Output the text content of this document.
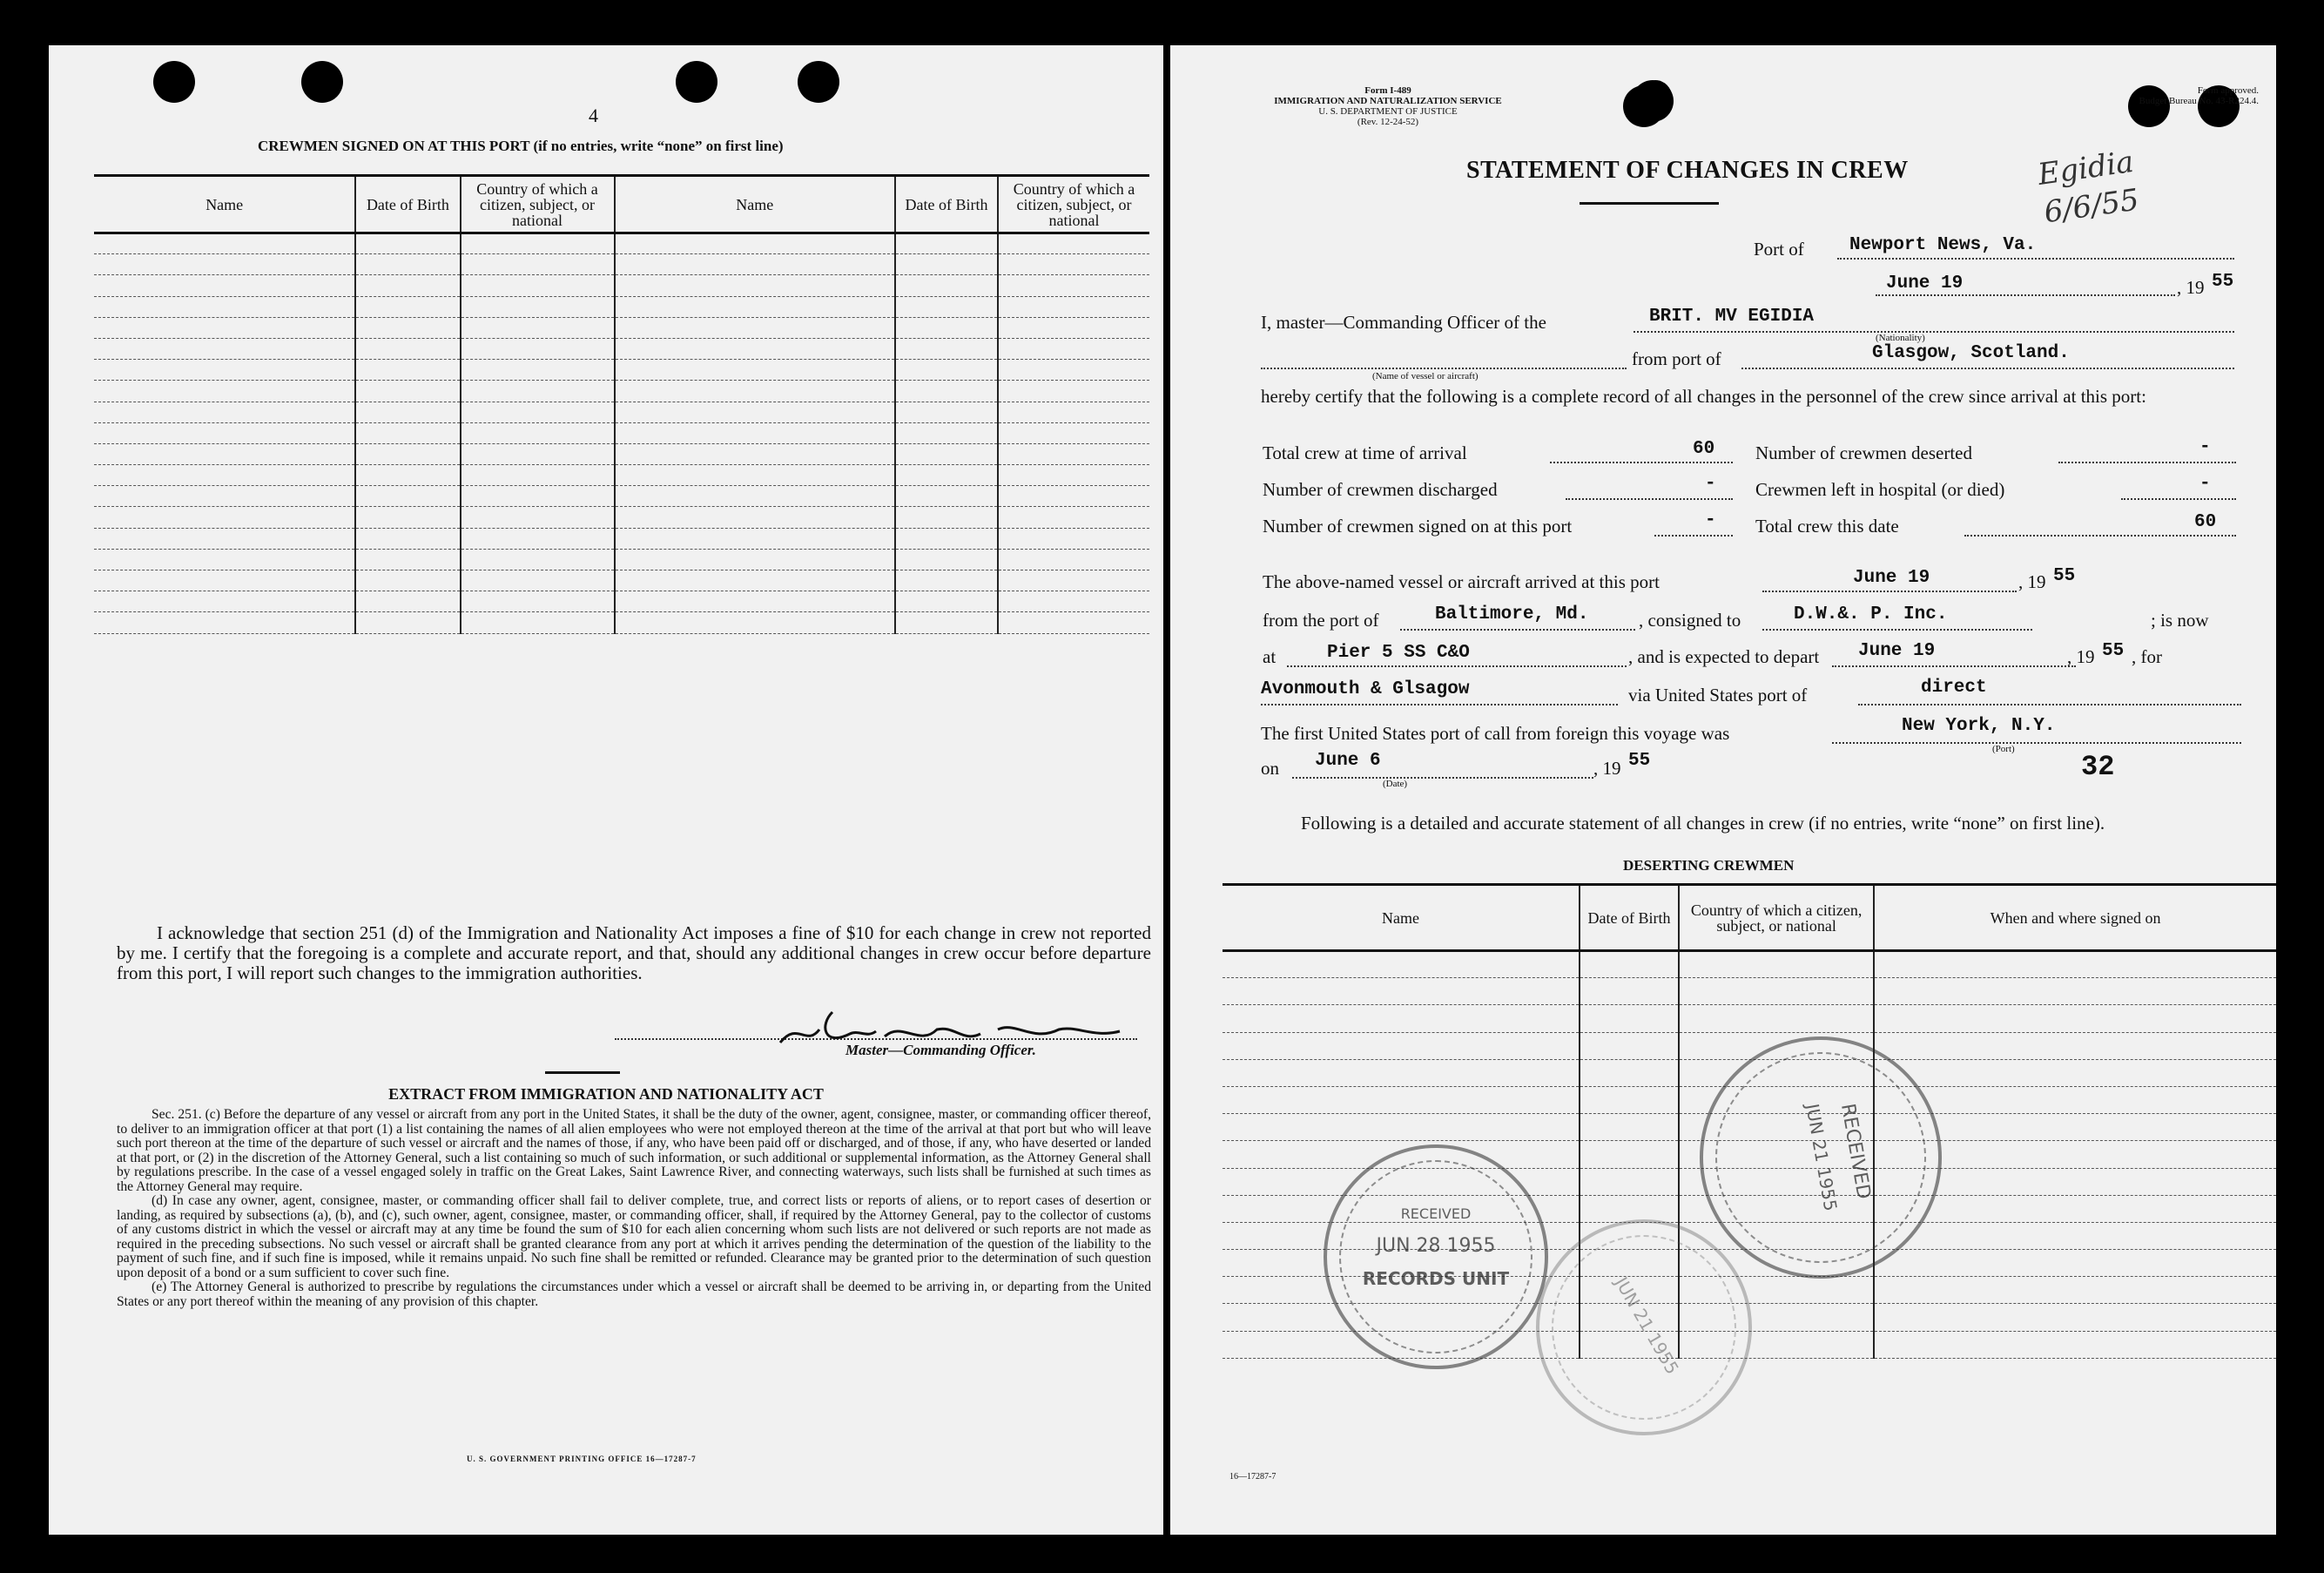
4
CREWMEN SIGNED ON AT THIS PORT (if no entries, write “none” on first line)
Name	Date of Birth	Country of which a citizen, subject, or national	Name	Date of Birth	Country of which a citizen, subject, or national

I acknowledge that section 251 (d) of the Immigration and Nationality Act imposes a fine of $10 for each change in crew not reported by me. I certify that the foregoing is a complete and accurate report, and that, should any additional changes in crew occur before departure from this port, I will report such changes to the immigration authorities.
Master—Commanding Officer.
EXTRACT FROM IMMIGRATION AND NATIONALITY ACT

Sec. 251. (c) Before the departure of any vessel or aircraft from any port in the United States, it shall be the duty of the owner, agent, consignee, master, or commanding officer thereof, to deliver to an immigration officer at that port (1) a list containing the names of all alien employees who were not employed thereon at the time of the arrival at that port but who will leave such port thereon at the time of the departure of such vessel or aircraft and the names of those, if any, who have been paid off or discharged, and of those, if any, who have deserted or landed at that port, or (2) in the discretion of the Attorney General, such a list containing so much of such information, or such additional or supplemental information, as the Attorney General shall by regulations prescribe. In the case of a vessel engaged solely in traffic on the Great Lakes, Saint Lawrence River, and connecting waterways, such lists shall be furnished at such times as the Attorney General may require.

(d) In case any owner, agent, consignee, master, or commanding officer shall fail to deliver complete, true, and correct lists or reports of aliens, or to report cases of desertion or landing, as required by subsections (a), (b), and (c), such owner, agent, consignee, master, or commanding officer, shall, if required by the Attorney General, pay to the collector of customs of any customs district in which the vessel or aircraft may at any time be found the sum of $10 for each alien concerning whom such lists are not delivered or such reports are not made as required in the preceding subsections. No such vessel or aircraft shall be granted clearance from any port at which it arrives pending the determination of the question of the liability to the payment of such fine, and if such fine is imposed, while it remains unpaid. No such fine shall be remitted or refunded. Clearance may be granted prior to the determination of such question upon deposit of a bond or a sum sufficient to cover such fine.

(e) The Attorney General is authorized to prescribe by regulations the circumstances under which a vessel or aircraft shall be deemed to be arriving in, or departing from the United States or any port thereof within the meaning of any provision of this chapter.

U. S. GOVERNMENT PRINTING OFFICE 16—17287-7
Form I-489
IMMIGRATION AND NATURALIZATION SERVICE
U. S. DEPARTMENT OF JUSTICE
(Rev. 12-24-52)
Form approved.
Budget Bureau No. 43-R224.4.
STATEMENT OF CHANGES IN CREW	Egidia 6/6/55
Port of Newport News, Va.
June 19	, 19 55
I, master—Commanding Officer of the	BRIT. MV EGIDIA
(Nationality)
(Name of vessel or aircraft)
from port of	Glasgow, Scotland.
hereby certify that the following is a complete record of all changes in the personnel of the crew since arrival at this port:
Total crew at time of arrival	60 Number of crewmen deserted	-
Number of crewmen discharged	- Crewmen left in hospital (or died)	-
Number of crewmen signed on at this port	- Total crew this date	60
The above-named vessel or aircraft arrived at this port	June 19	, 19 55
from the port of	Baltimore, Md.	, consigned to	D.W.&. P. Inc.	; is now
at	Pier 5 SS C&O	, and is expected to depart June 19	, 19 55 , for
Avonmouth & Glsagow	via United States port of	direct
The first United States port of call from foreign this voyage was	New York, N.Y.
(Port)
on June 6
(Date)
, 19 55	32
Following is a detailed and accurate statement of all changes in crew (if no entries, write “none” on first line).
DESERTING CREWMEN
Name	Date of Birth	Country of which a citizen, subject, or national	When and where signed on

RECEIVED
JUN 28 1955
RECORDS UNIT
RECEIVED
JUN 21 1955
JUN 21 1955
16—17287-7
